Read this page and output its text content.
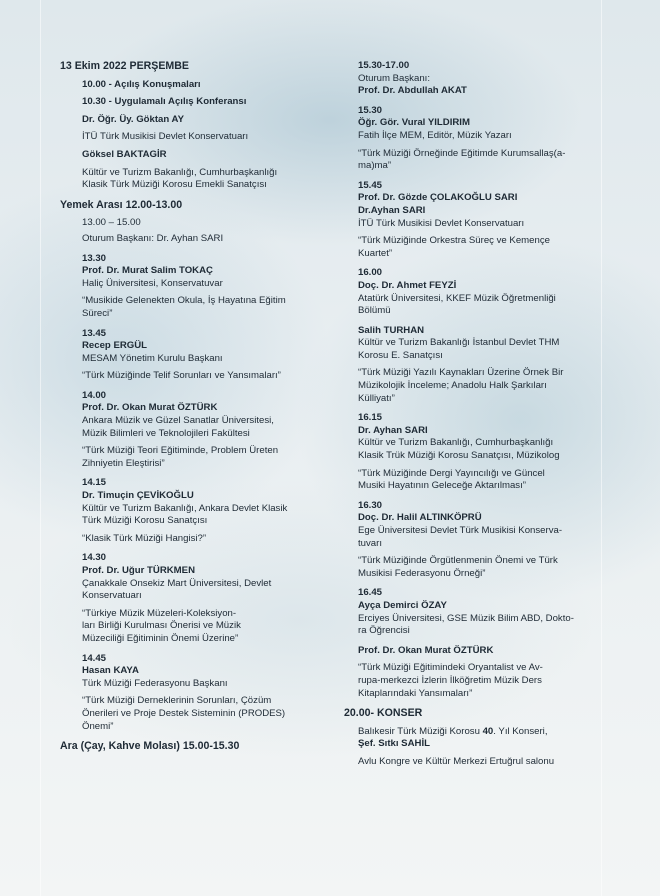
13 Ekim 2022 PERŞEMBE
10.00 - Açılış Konuşmaları
10.30 - Uygulamalı Açılış Konferansı
Dr. Öğr. Üy. Göktan AY
İTÜ Türk Musikisi Devlet Konservatuarı
Göksel BAKTAGİR
Kültür ve Turizm Bakanlığı, Cumhurbaşkanlığı
Klasik Türk Müziği Korosu Emekli Sanatçısı
Yemek Arası 12.00-13.00
13.00 – 15.00
Oturum Başkanı: Dr. Ayhan SARI
13.30
Prof. Dr. Murat Salim TOKAÇ
Haliç Üniversitesi, Konservatuvar
“Musikide Gelenekten Okula, İş Hayatına Eğitim
Süreci”
13.45
Recep ERGÜL
MESAM Yönetim Kurulu Başkanı
“Türk Müziğinde Telif Sorunları ve Yansımaları”
14.00
Prof. Dr. Okan Murat ÖZTÜRK
Ankara Müzik ve Güzel Sanatlar Üniversitesi,
Müzik Bilimleri ve Teknolojileri Fakültesi
“Türk Müziği Teori Eğitiminde, Problem Üreten
Zihniyetin Eleştirisi”
14.15
Dr. Timuçin ÇEVİKOĞLU
Kültür ve Turizm Bakanlığı, Ankara Devlet Klasik
Türk Müziği Korosu Sanatçısı
“Klasik Türk Müziği Hangisi?”
14.30
Prof. Dr. Uğur TÜRKMEN
Çanakkale Onsekiz Mart Üniversitesi, Devlet
Konservatuarı
“Türkiye Müzik Müzeleri-Koleksiyon-
ları Birliği Kurulması Önerisi ve Müzik
Müzeciliği Eğitiminin Önemi Üzerine”
14.45
Hasan KAYA
Türk Müziği Federasyonu Başkanı
“Türk Müziği Derneklerinin Sorunları, Çözüm
Önerileri ve Proje Destek Sisteminin (PRODES)
Önemi”
Ara (Çay, Kahve Molası) 15.00-15.30
15.30-17.00
Oturum Başkanı:
Prof. Dr. Abdullah AKAT
15.30
Öğr. Gör. Vural YILDIRIM
Fatih İlçe MEM, Editör, Müzik Yazarı
“Türk Müziği Örneğinde Eğitimde Kurumsallaş(a-
ma)ma”
15.45
Prof. Dr. Gözde ÇOLAKOĞLU SARI
Dr.Ayhan SARI
İTÜ Türk Musikisi Devlet Konservatuarı
“Türk Müziğinde Orkestra Süreç ve Kemençe
Kuartet”
16.00
Doç. Dr. Ahmet FEYZİ
Atatürk Üniversitesi, KKEF Müzik Öğretmenliği
Bölümü
Salih TURHAN
Kültür ve Turizm Bakanlığı İstanbul Devlet THM
Korosu E. Sanatçısı
“Türk Müziği Yazılı Kaynakları Üzerine Örnek Bir
Müzikolojik İnceleme; Anadolu Halk Şarkıları
Külliyatı”
16.15
Dr. Ayhan SARI
Kültür ve Turizm Bakanlığı, Cumhurbaşkanlığı
Klasik Trük Müziği Korosu Sanatçısı, Müzikolog
“Türk Müziğinde Dergi Yayıncılığı ve Güncel
Musiki Hayatının Geleceğe Aktarılması”
16.30
Doç. Dr. Halil ALTINKÖPRÜ
Ege Üniversitesi Devlet Türk Musikisi Konserva-
tuvarı
“Türk Müziğinde Örgütlenmenin Önemi ve Türk
Musikisi Federasyonu Örneği”
16.45
Ayça Demirci ÖZAY
Erciyes Üniversitesi, GSE Müzik Bilim ABD, Dokto-
ra Öğrencisi
Prof. Dr. Okan Murat ÖZTÜRK
“Türk Müziği Eğitimindeki Oryantalist ve Av-
rupa-merkezci İzlerin İlköğretim Müzik Ders
Kitaplarındaki Yansımaları”
20.00- KONSER
Balıkesir Türk Müziği Korosu 40. Yıl Konseri,
Şef. Sıtkı SAHİL
Avlu Kongre ve Kültür Merkezi Ertuğrul salonu
